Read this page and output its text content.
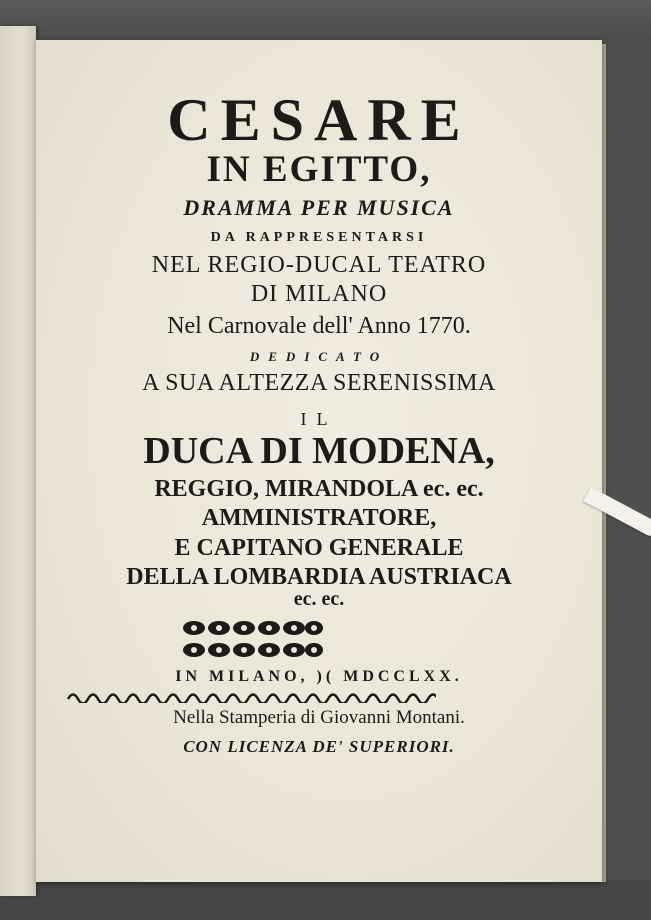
CESARE
IN EGITTO,
DRAMMA PER MUSICA
DA RAPPRESENTARSI
NEL REGIO-DUCAL TEATRO
DI MILANO
Nel Carnovale dell' Anno 1770.
DEDICATO
A SUA ALTEZZA SERENISSIMA
IL
DUCA DI MODENA,
REGGIO, MIRANDOLA ec. ec.
AMMINISTRATORE,
E CAPITANO GENERALE
DELLA LOMBARDIA AUSTRIACA
ec. ec.
IN MILANO, )( MDCCLXX.
Nella Stamperia di Giovanni Montani.
CON LICENZA DE' SUPERIORI.
